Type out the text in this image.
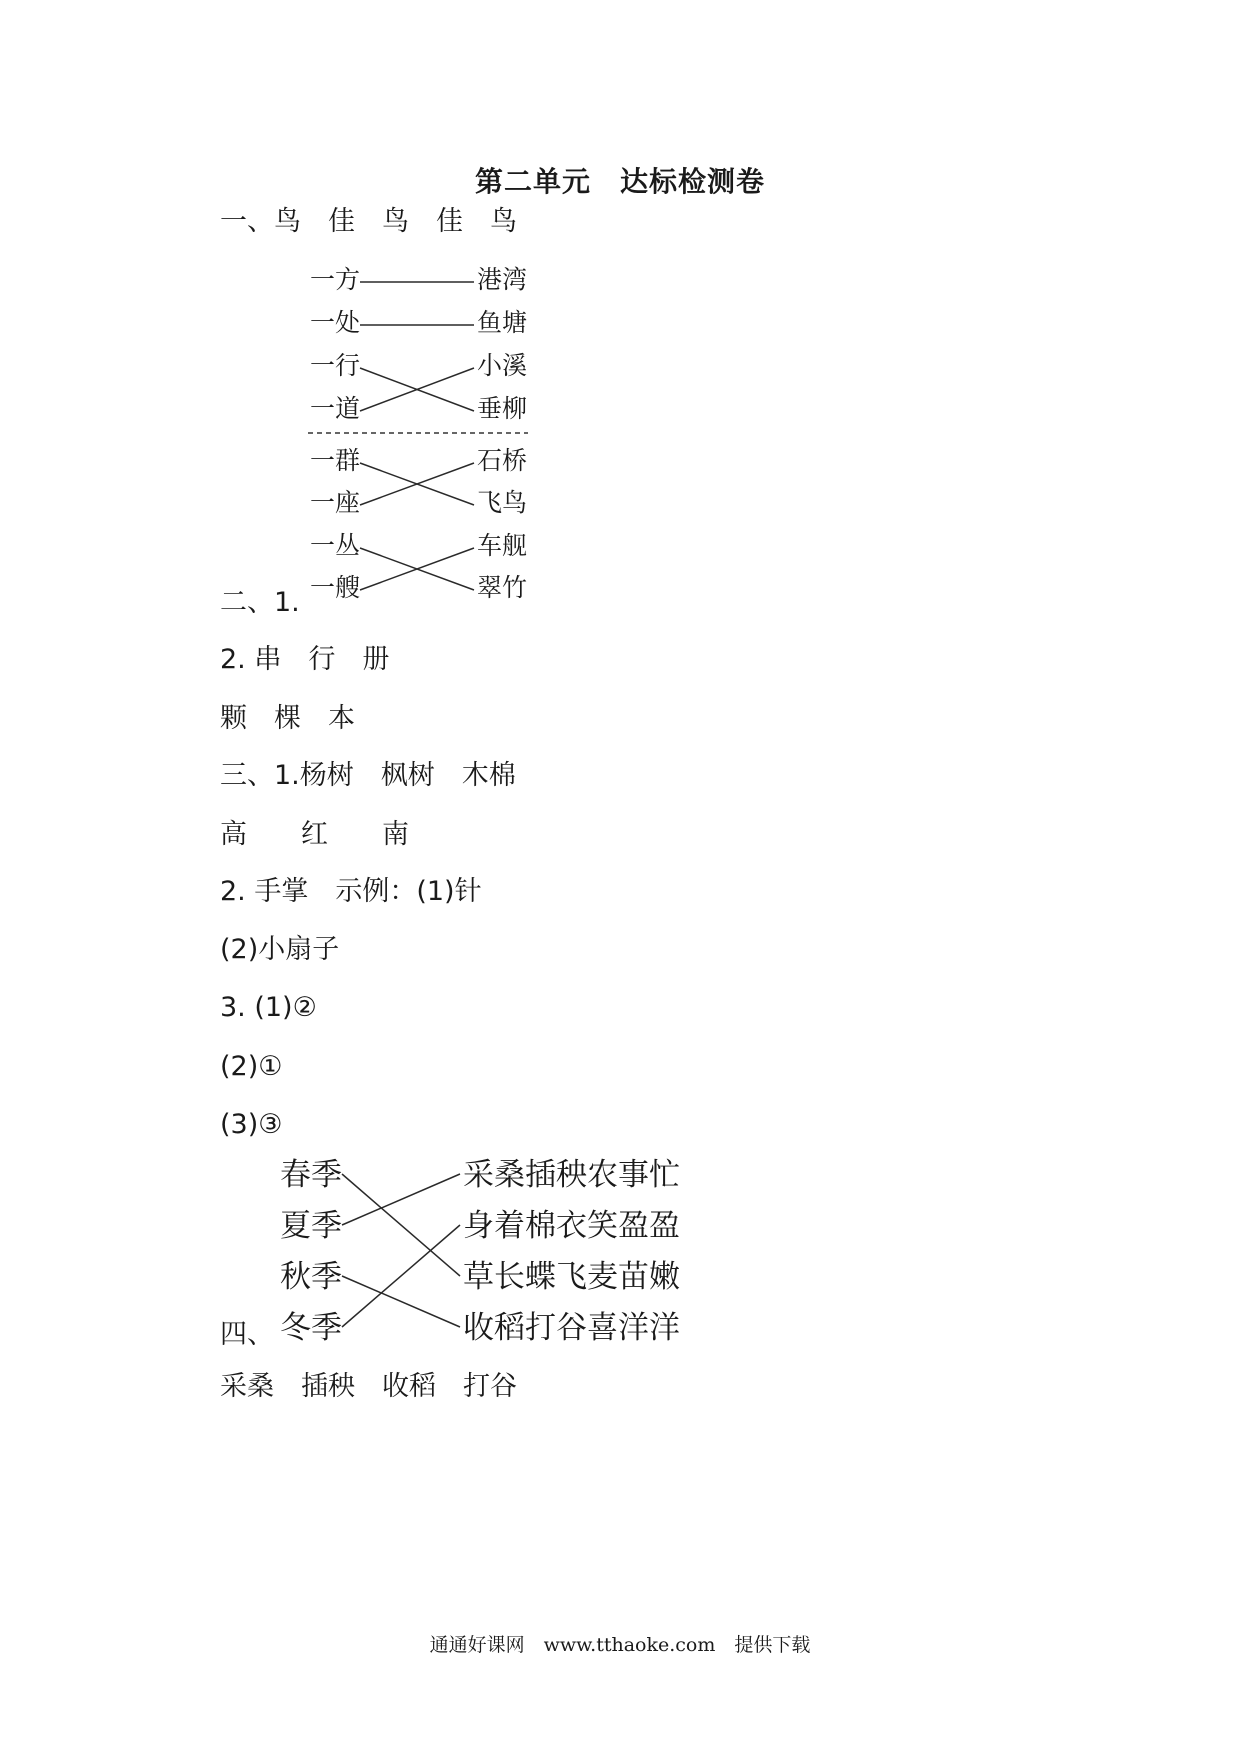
第二单元　达标检测卷
一、鸟　佳　鸟　佳　鸟
一方
一处
一行
一道
港湾
鱼塘
小溪
垂柳
一群
一座
一丛
一艘
石桥
飞鸟
车舰
翠竹
二、1.
2. 串　行　册
颗　棵　本
三、1.杨树　枫树　木棉
高　　红　　南
2. 手掌　示例：(1)针
(2)小扇子
3. (1)②
(2)①
(3)③
春季
夏季
秋季
冬季
采桑插秧农事忙
身着棉衣笑盈盈
草长蝶飞麦苗嫩
收稻打谷喜洋洋
四、
采桑　插秧　收稻　打谷
通通好课网　www.tthaoke.com　提供下载
